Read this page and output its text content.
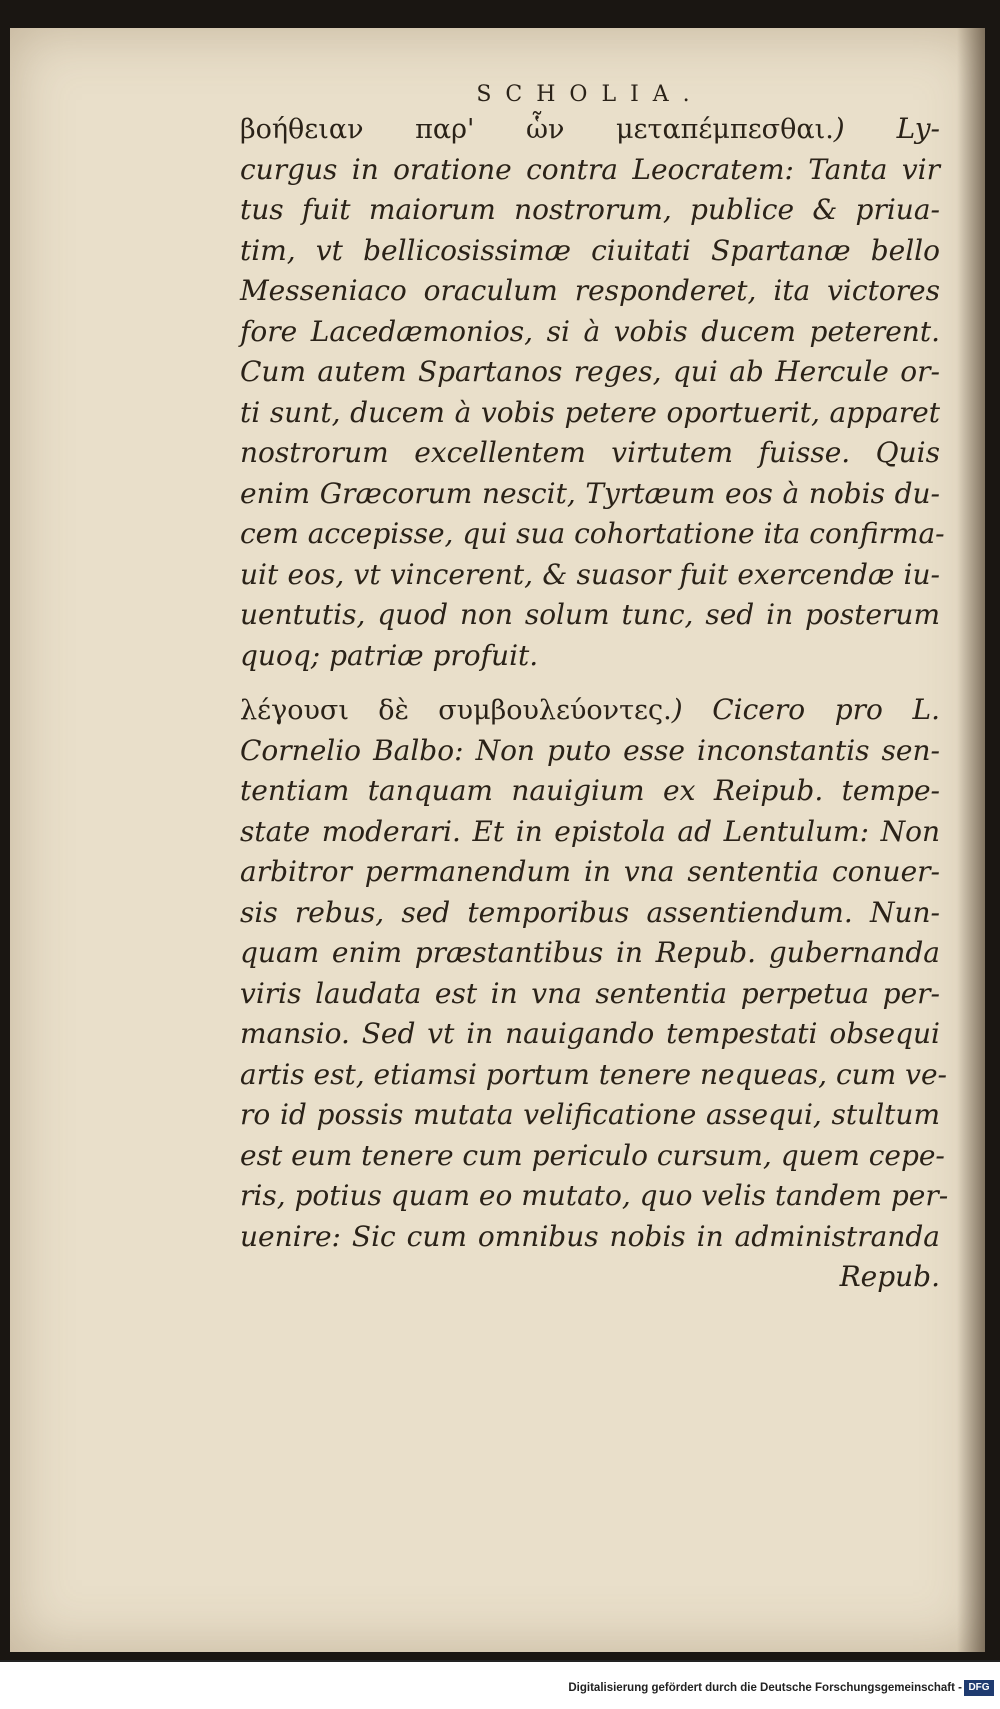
SCHOLIA.
βοήθειαν παρ' ὧν μεταπέμπεσθαι.) Ly-
curgus in oratione contra Leocratem: Tanta vir
tus fuit maiorum nostrorum, publice & priua-
tim, vt bellicosissimæ ciuitati Spartanæ bello
Messeniaco oraculum responderet, ita victores
fore Lacedæmonios, si à vobis ducem peterent.
Cum autem Spartanos reges, qui ab Hercule or-
ti sunt, ducem à vobis petere oportuerit, apparet
nostrorum excellentem virtutem fuisse. Quis
enim Græcorum nescit, Tyrtæum eos à nobis du-
cem accepisse, qui sua cohortatione ita confirma-
uit eos, vt vincerent, & suasor fuit exercendæ iu-
uentutis, quod non solum tunc, sed in posterum
quoq; patriæ profuit.
λέγουσι δὲ συμβουλεύοντες.) Cicero pro L.
Cornelio Balbo: Non puto esse inconstantis sen-
tentiam tanquam nauigium ex Reipub. tempe-
state moderari. Et in epistola ad Lentulum: Non
arbitror permanendum in vna sententia conuer-
sis rebus, sed temporibus assentiendum. Nun-
quam enim præstantibus in Repub. gubernanda
viris laudata est in vna sententia perpetua per-
mansio. Sed vt in nauigando tempestati obsequi
artis est, etiamsi portum tenere nequeas, cum ve-
ro id possis mutata velificatione assequi, stultum
est eum tenere cum periculo cursum, quem cepe-
ris, potius quam eo mutato, quo velis tandem per-
uenire: Sic cum omnibus nobis in administranda
Repub.
Digitalisierung gefördert durch die Deutsche Forschungsgemeinschaft - DFG
